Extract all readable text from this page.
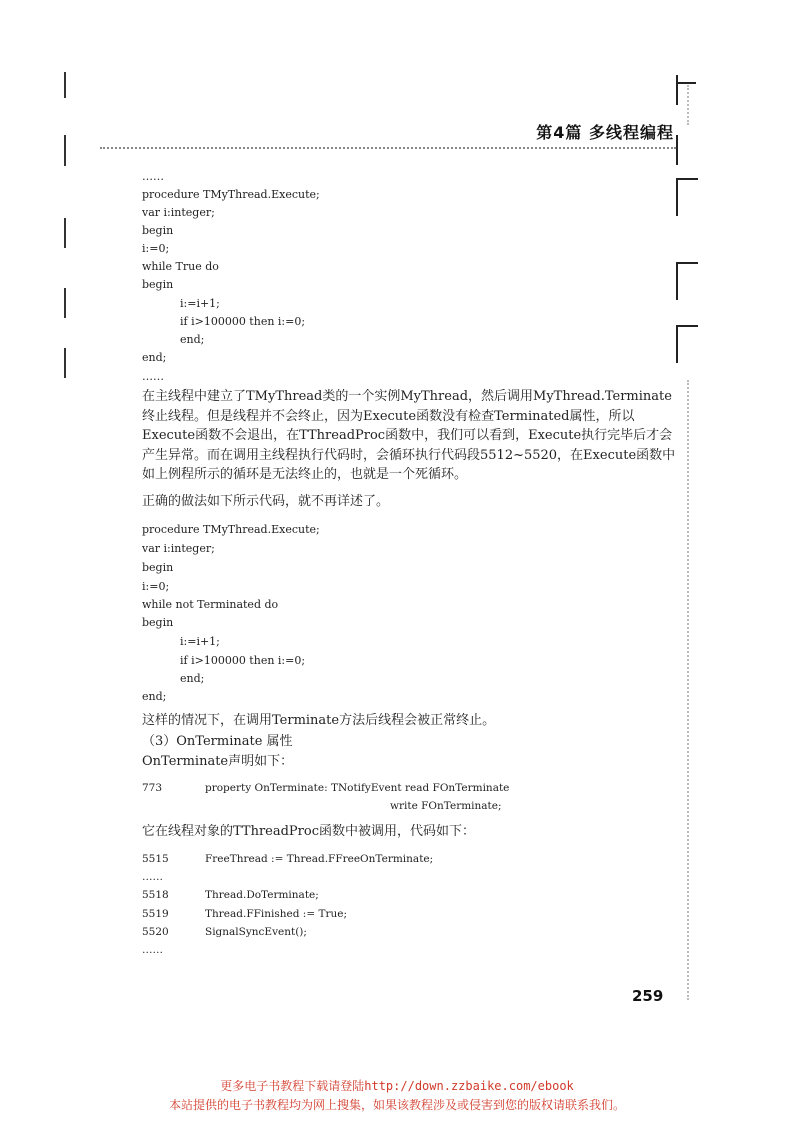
第4篇 多线程编程
……
procedure TMyThread.Execute;
var i:integer;
begin
i:=0;
while True do
begin
i:=i+1;
if i>100000 then i:=0;
end;
end;
……
在主线程中建立了TMyThread类的一个实例MyThread，然后调用MyThread.Terminate终止线程。但是线程并不会终止，因为Execute函数没有检查Terminated属性，所以Execute函数不会退出，在TThreadProc函数中，我们可以看到，Execute执行完毕后才会产生异常。而在调用主线程执行代码时，会循环执行代码段5512~5520，在Execute函数中如上例程所示的循环是无法终止的，也就是一个死循环。
正确的做法如下所示代码，就不再详述了。
procedure TMyThread.Execute;
var i:integer;
begin
i:=0;
while not Terminated do
begin
i:=i+1;
if i>100000 then i:=0;
end;
end;
这样的情况下，在调用Terminate方法后线程会被正常终止。
（3）OnTerminate 属性
OnTerminate声明如下：
773	property OnTerminate: TNotifyEvent read FOnTerminate
write FOnTerminate;
它在线程对象的TThreadProc函数中被调用，代码如下：
5515	FreeThread := Thread.FFreeOnTerminate;
……
5518	Thread.DoTerminate;
5519	Thread.FFinished := True;
5520	SignalSyncEvent();
……
259
更多电子书教程下载请登陆http://down.zzbaike.com/ebook
本站提供的电子书教程均为网上搜集，如果该教程涉及或侵害到您的版权请联系我们。
